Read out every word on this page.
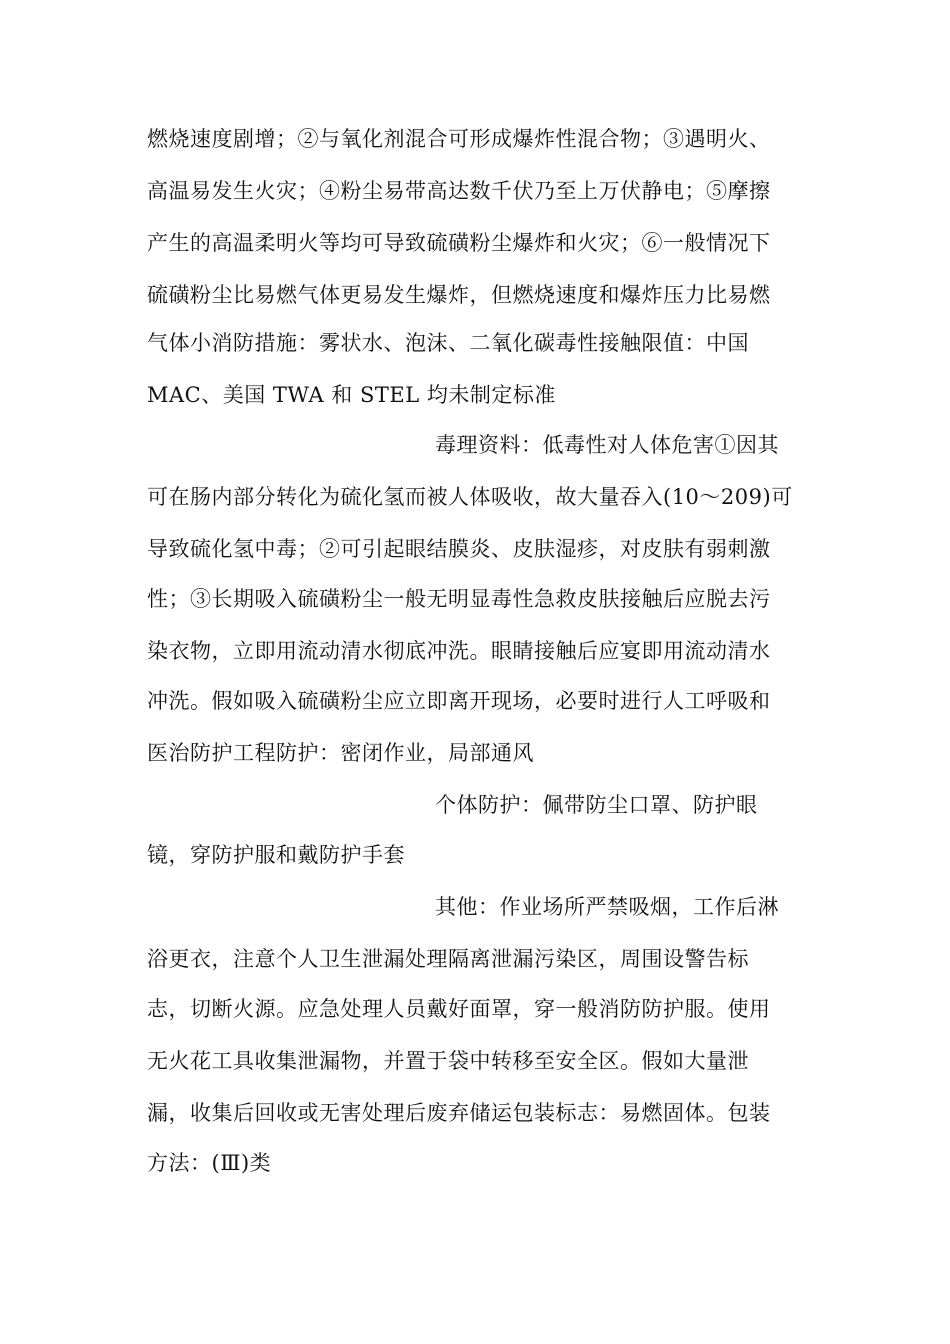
燃烧速度剧增；②与氧化剂混合可形成爆炸性混合物；③遇明火、
高温易发生火灾；④粉尘易带高达数千伏乃至上万伏静电；⑤摩擦
产生的高温柔明火等均可导致硫磺粉尘爆炸和火灾；⑥一般情况下
硫磺粉尘比易燃气体更易发生爆炸，但燃烧速度和爆炸压力比易燃
气体小消防措施：雾状水、泡沫、二氧化碳毒性接触限值：中国
MAC、美国 TWA 和 STEL 均未制定标准
毒理资料：低毒性对人体危害①因其
可在肠内部分转化为硫化氢而被人体吸收，故大量吞入(10～209)可
导致硫化氢中毒；②可引起眼结膜炎、皮肤湿疹，对皮肤有弱刺激
性；③长期吸入硫磺粉尘一般无明显毒性急救皮肤接触后应脱去污
染衣物，立即用流动清水彻底冲洗。眼睛接触后应宴即用流动清水
冲洗。假如吸入硫磺粉尘应立即离开现场，必要时进行人工呼吸和
医治防护工程防护：密闭作业，局部通风
个体防护：佩带防尘口罩、防护眼
镜，穿防护服和戴防护手套
其他：作业场所严禁吸烟，工作后淋
浴更衣，注意个人卫生泄漏处理隔离泄漏污染区，周围设警告标
志，切断火源。应急处理人员戴好面罩，穿一般消防防护服。使用
无火花工具收集泄漏物，并置于袋中转移至安全区。假如大量泄
漏，收集后回收或无害处理后废弃储运包装标志：易燃固体。包装
方法：(Ⅲ)类
